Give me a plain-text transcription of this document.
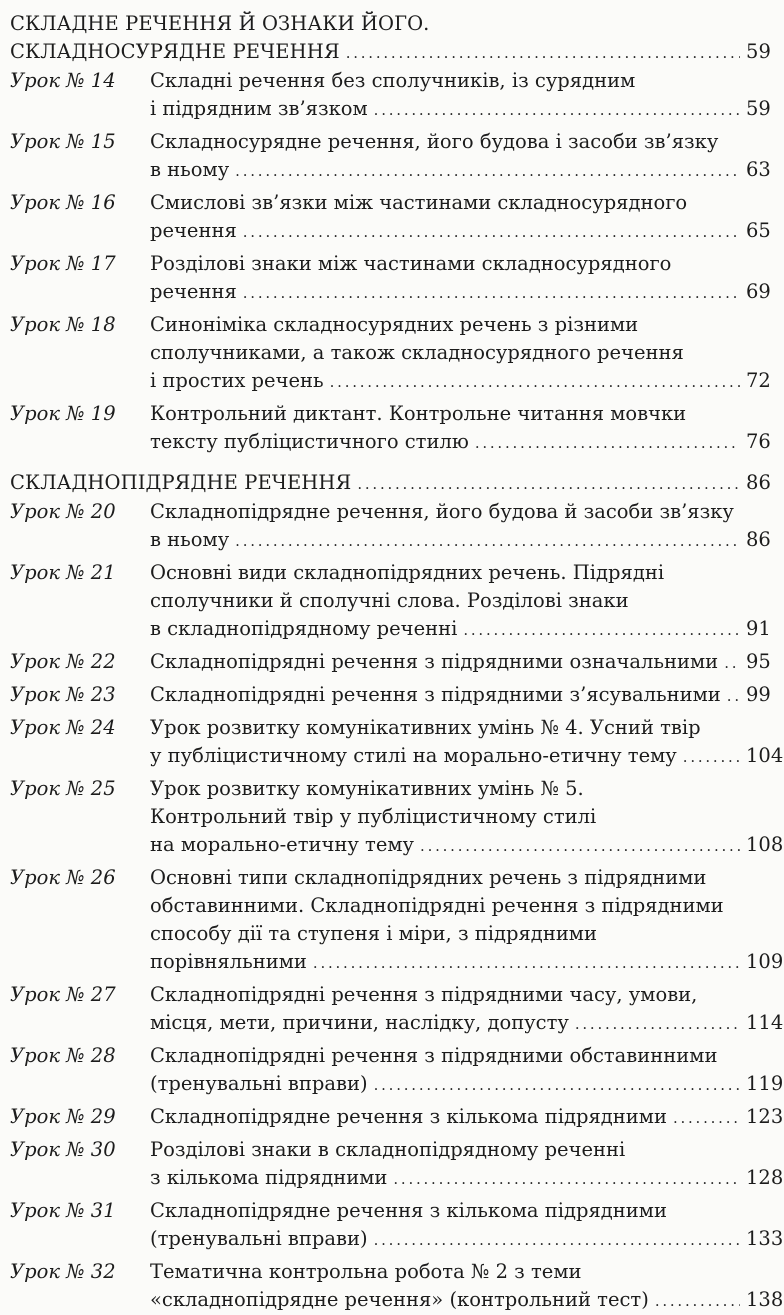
СКЛАДНЕ РЕЧЕННЯ Й ОЗНАКИ ЙОГО.
СКЛАДНОСУРЯДНЕ РЕЧЕННЯ . . .	59
Урок № 14	Складні речення без сполучників, із сурядним
і підрядним зв’язком . . .	59
Урок № 15	Складносурядне речення, його будова і засоби зв’язку
в ньому . . .	63
Урок № 16	Смислові зв’язки між частинами складносурядного
речення . . .	65
Урок № 17	Розділові знаки між частинами складносурядного
речення . . .	69
Урок № 18	Синоніміка складносурядних речень з різними
сполучниками, а також складносурядного речення
і простих речень . . .	72
Урок № 19	Контрольний диктант. Контрольне читання мовчки
тексту публіцистичного стилю . . .	76
СКЛАДНОПІДРЯДНЕ РЕЧЕННЯ . . .	86
Урок № 20	Складнопідрядне речення, його будова й засоби зв’язку
в ньому . . .	86
Урок № 21	Основні види складнопідрядних речень. Підрядні
сполучники й сполучні слова. Розділові знаки
в складнопідрядному реченні . . .	91
Урок № 22	Складнопідрядні речення з підрядними означальними . . . 95
Урок № 23	Складнопідрядні речення з підрядними з’ясувальними . . . 99
Урок № 24	Урок розвитку комунікативних умінь № 4. Усний твір
у публіцистичному стилі на морально-етичну тему . . .	104
Урок № 25	Урок розвитку комунікативних умінь № 5.
Контрольний твір у публіцистичному стилі
на морально-етичну тему . . .	108
Урок № 26	Основні типи складнопідрядних речень з підрядними
обставинними. Складнопідрядні речення з підрядними
способу дії та ступеня і міри, з підрядними
порівняльними . . .	109
Урок № 27	Складнопідрядні речення з підрядними часу, умови,
місця, мети, причини, наслідку, допусту . . .	114
Урок № 28	Складнопідрядні речення з підрядними обставинними
(тренувальні вправи) . . .	119
Урок № 29	Складнопідрядне речення з кількома підрядними . . .	123
Урок № 30	Розділові знаки в складнопідрядному реченні
з кількома підрядними . . .	128
Урок № 31	Складнопідрядне речення з кількома підрядними
(тренувальні вправи) . . .	133
Урок № 32	Тематична контрольна робота № 2 з теми
«складнопідрядне речення» (контрольний тест) . . .	138
